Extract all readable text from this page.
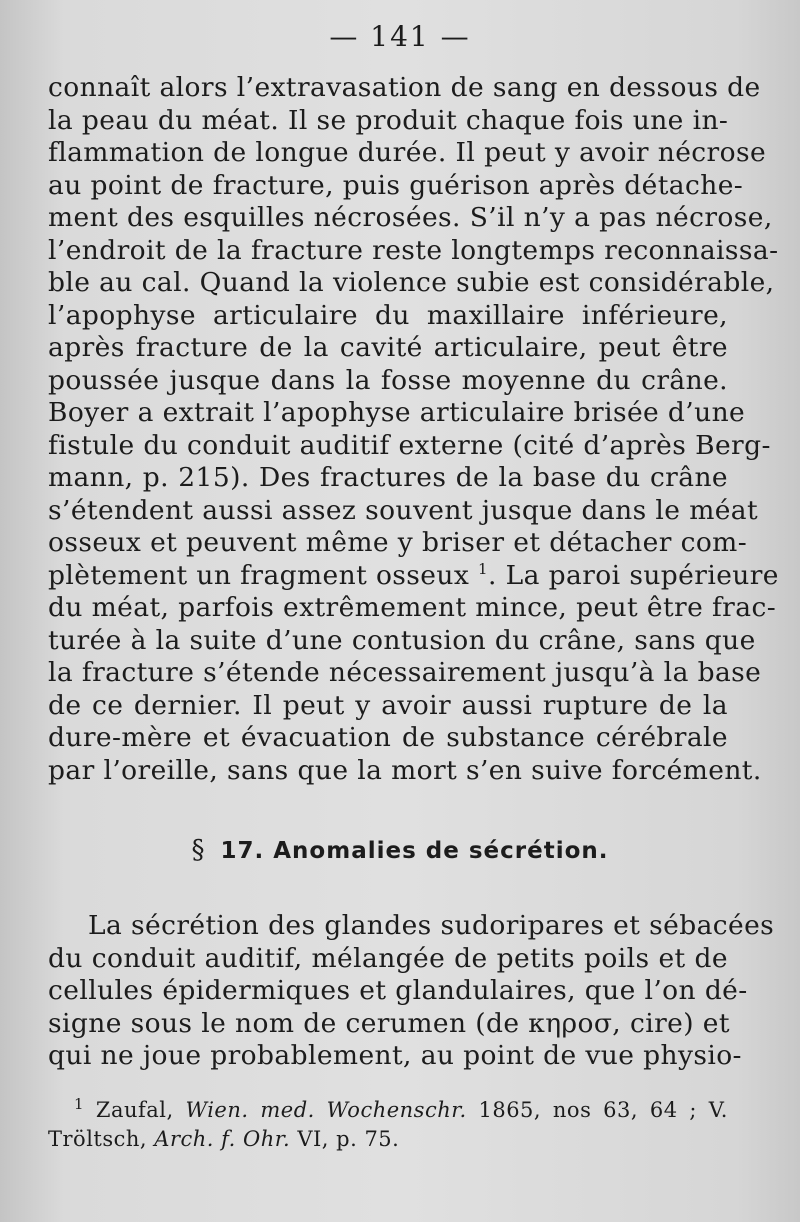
— 141 —
connaît alors l’extravasation de sang en dessous de
la peau du méat. Il se produit chaque fois une in-
flammation de longue durée. Il peut y avoir nécrose
au point de fracture, puis guérison après détache-
ment des esquilles nécrosées. S’il n’y a pas nécrose,
l’endroit de la fracture reste longtemps reconnaissa-
ble au cal. Quand la violence subie est considérable,
l’apophyse articulaire du maxillaire inférieure,
après fracture de la cavité articulaire, peut être
poussée jusque dans la fosse moyenne du crâne.
Boyer a extrait l’apophyse articulaire brisée d’une
fistule du conduit auditif externe (cité d’après Berg-
mann, p. 215). Des fractures de la base du crâne
s’étendent aussi assez souvent jusque dans le méat
osseux et peuvent même y briser et détacher com-
plètement un fragment osseux $^1$. La paroi supérieure
du méat, parfois extrêmement mince, peut être frac-
turée à la suite d’une contusion du crâne, sans que
la fracture s’étende nécessairement jusqu’à la base
de ce dernier. Il peut y avoir aussi rupture de la
dure-mère et évacuation de substance cérébrale
par l’oreille, sans que la mort s’en suive forcément.
§ 17. Anomalies de sécrétion.
La sécrétion des glandes sudoripares et sébacées
du conduit auditif, mélangée de petits poils et de
cellules épidermiques et glandulaires, que l’on dé-
signe sous le nom de cerumen (de κηροσ, cire) et
qui ne joue probablement, au point de vue physio-
$^1$ Zaufal, Wien. med. Wochenschr. 1865, nos 63, 64 ; V.
Tröltsch, Arch. f. Ohr. VI, p. 75.
